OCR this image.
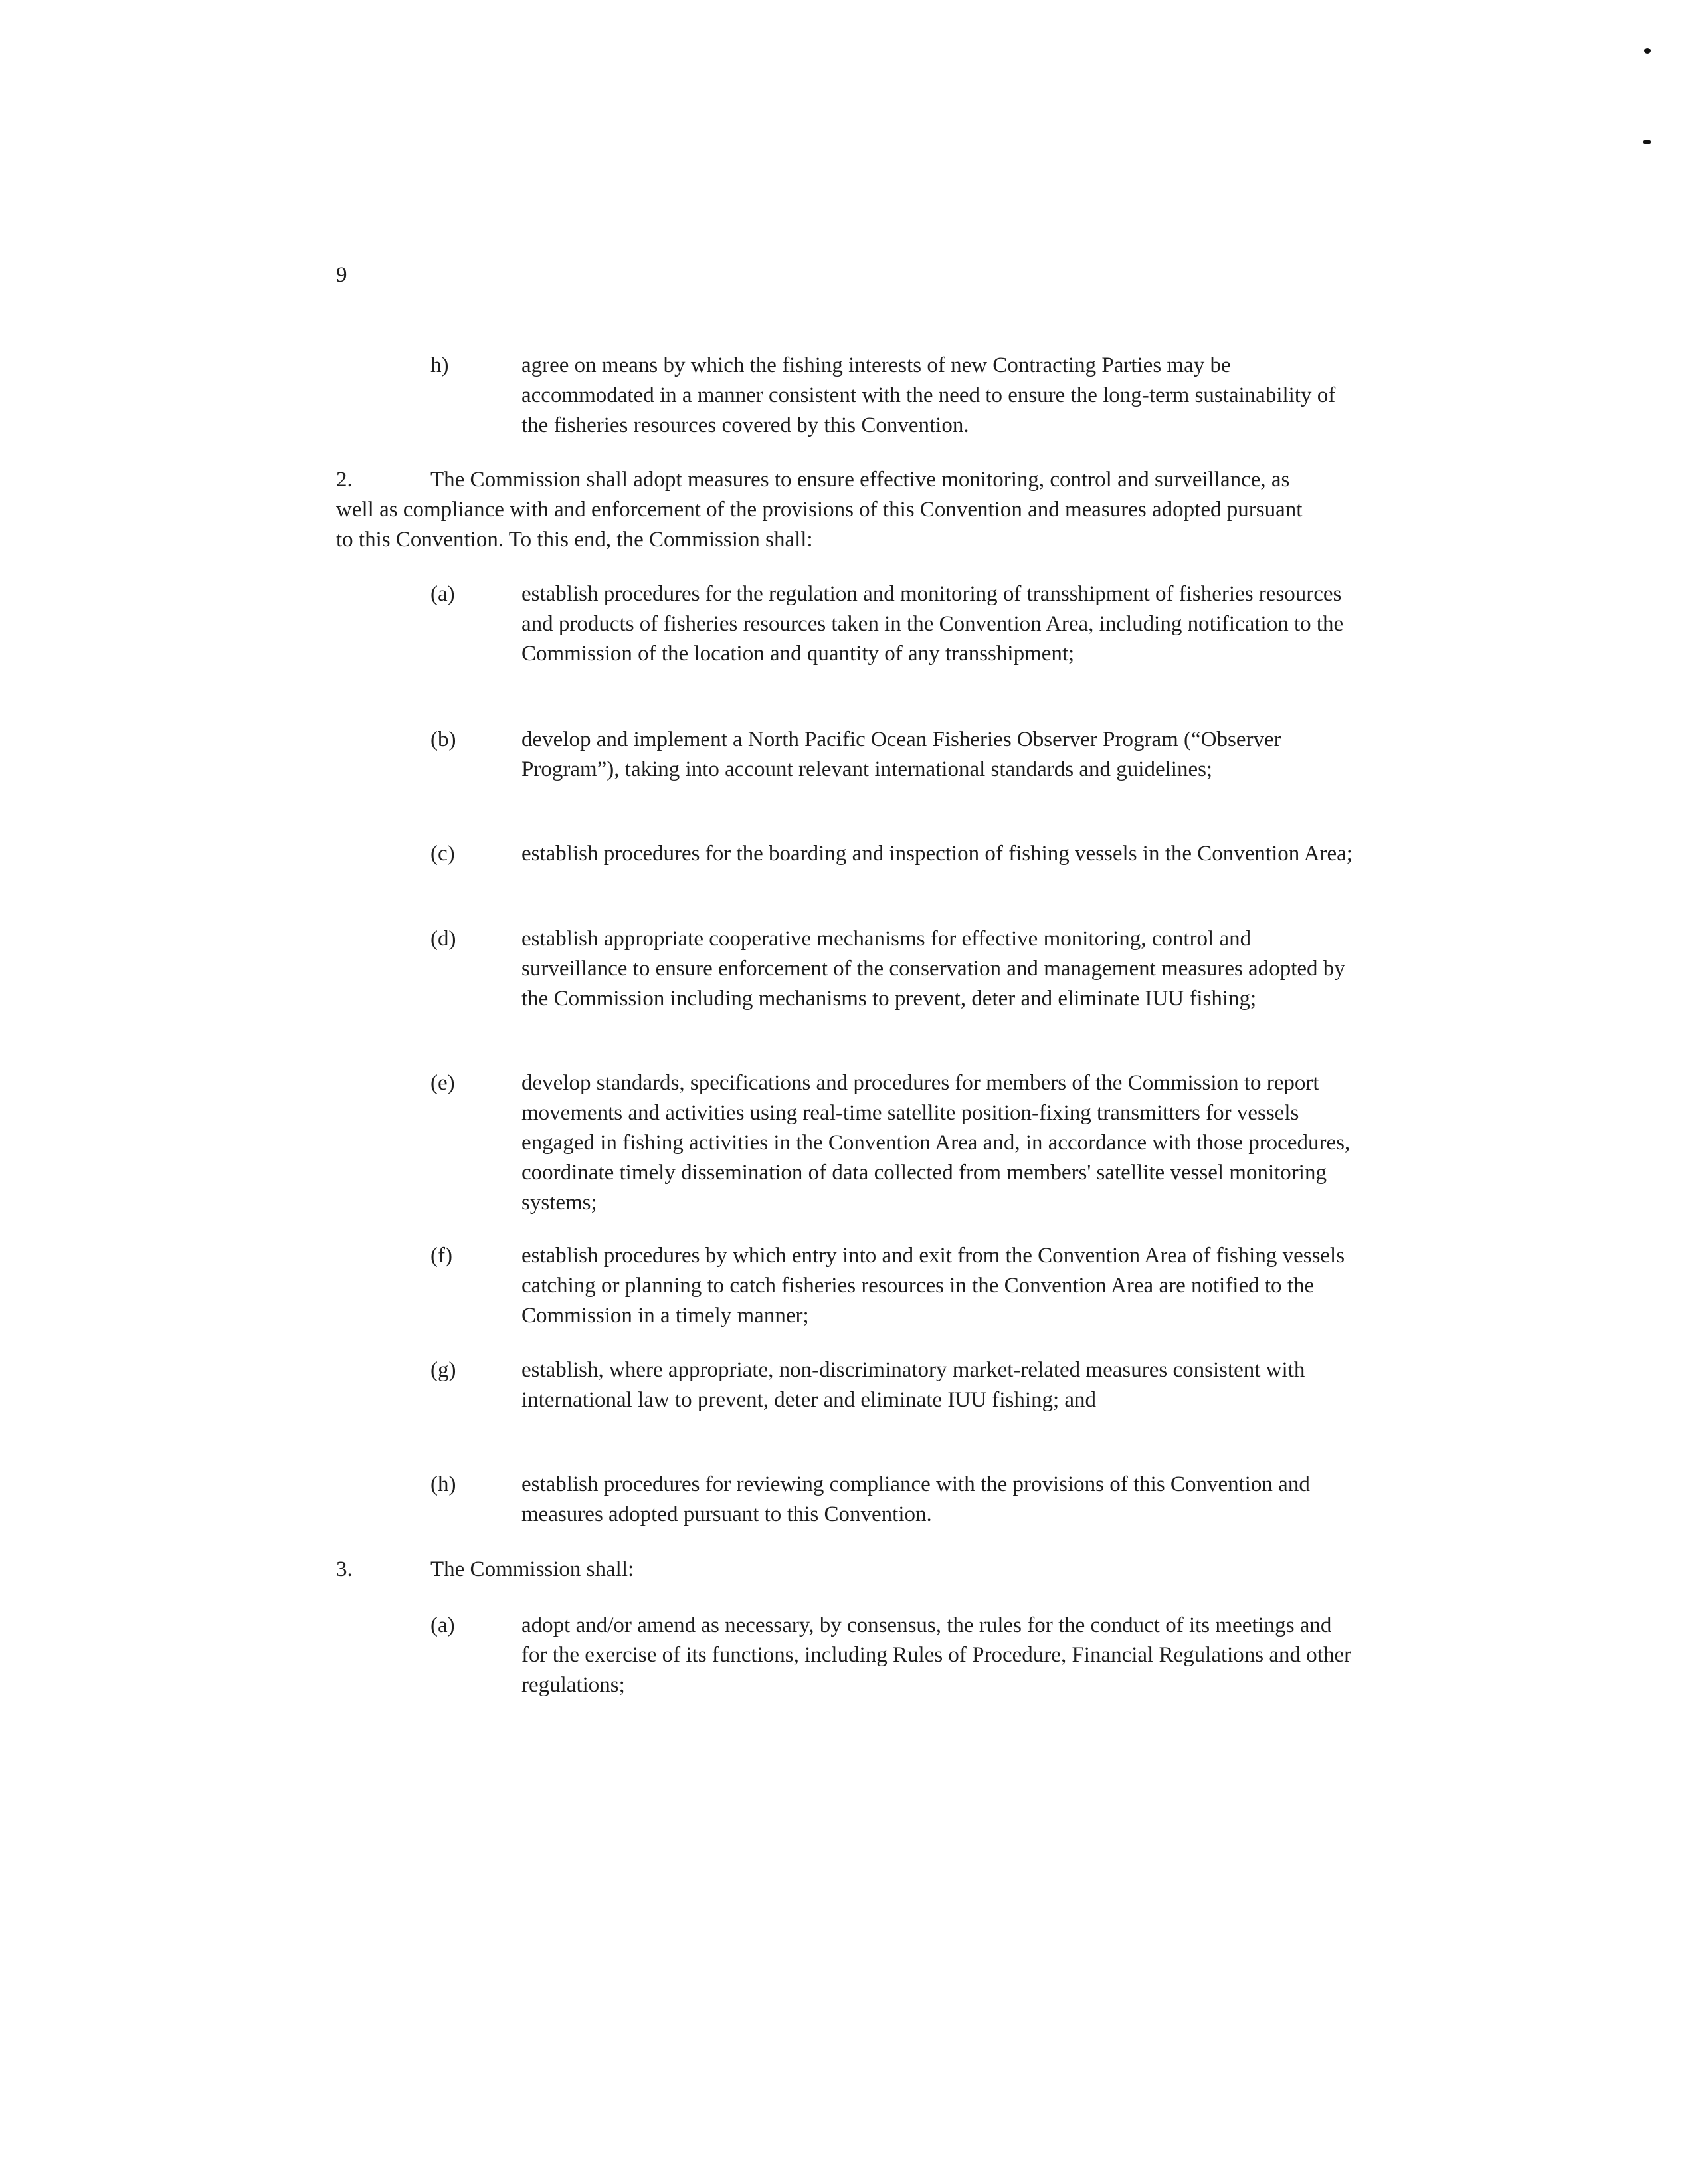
9
h)	agree on means by which the fishing interests of new Contracting Parties may be accommodated in a manner consistent with the need to ensure the long-term sustainability of the fisheries resources covered by this Convention.
2.	The Commission shall adopt measures to ensure effective monitoring, control and surveillance, as well as compliance with and enforcement of the provisions of this Convention and measures adopted pursuant to this Convention. To this end, the Commission shall:
(a)	establish procedures for the regulation and monitoring of transshipment of fisheries resources and products of fisheries resources taken in the Convention Area, including notification to the Commission of the location and quantity of any transshipment;
(b)	develop and implement a North Pacific Ocean Fisheries Observer Program (“Observer Program”), taking into account relevant international standards and guidelines;
(c)	establish procedures for the boarding and inspection of fishing vessels in the Convention Area;
(d)	establish appropriate cooperative mechanisms for effective monitoring, control and surveillance to ensure enforcement of the conservation and management measures adopted by the Commission including mechanisms to prevent, deter and eliminate IUU fishing;
(e)	develop standards, specifications and procedures for members of the Commission to report movements and activities using real-time satellite position-fixing transmitters for vessels engaged in fishing activities in the Convention Area and, in accordance with those procedures, coordinate timely dissemination of data collected from members' satellite vessel monitoring systems;
(f)	establish procedures by which entry into and exit from the Convention Area of fishing vessels catching or planning to catch fisheries resources in the Convention Area are notified to the Commission in a timely manner;
(g)	establish, where appropriate, non-discriminatory market-related measures consistent with international law to prevent, deter and eliminate IUU fishing; and
(h)	establish procedures for reviewing compliance with the provisions of this Convention and measures adopted pursuant to this Convention.
3.	The Commission shall:
(a)	adopt and/or amend as necessary, by consensus, the rules for the conduct of its meetings and for the exercise of its functions, including Rules of Procedure, Financial Regulations and other regulations;
